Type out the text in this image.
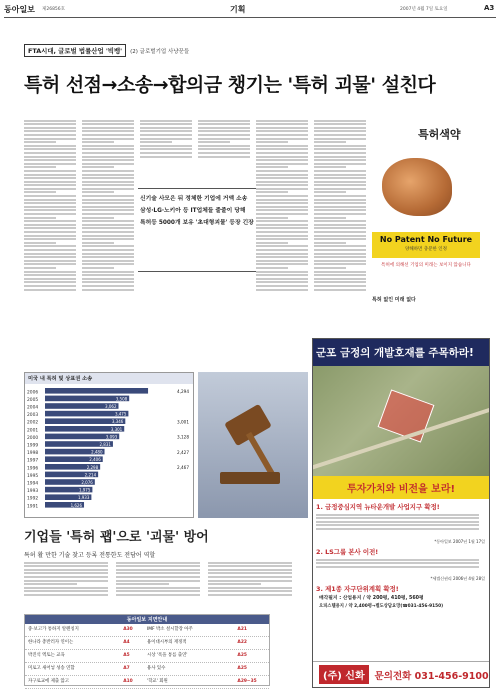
동아일보 제26856호	기획	2007년 4월 7일 토요일	A3
FTA시대, 글로벌 법률산업 '빅뱅'	(2) 글로벌기업 사냥꾼들
특허 선점→소송→합의금 챙기는 '특허 괴물' 설친다
신기술 사모은 뒤 정체한 기업에 거액 소송
삼성·LG·노키아 등 IT업체들 줄줄이 당해
특허등 5000개 보유 '초대형괴물' 등장 긴장
특허색약
No Patent No Future
양해하면 충분한 인정
특허에 의해선 기업의 미래는 보이지 않습니다
특허 없인 미래 없다
미국 내 특허 및 상표권 소송
2006	4,294
2005	3,508
2004	3,062
2003	3,475
2002	3,346	3,001
2001	3,301
2000	3,093	3,128
1999	2,831
1998	2,480	2,427
1997	2,406
1996	2,298	2,467
1995	2,214
1994	2,076
1993	1,975
1992	1,933
1991	1,626
기업들 '특허 괩'으로 '괴물' 방어
특허 활 만한 기술 찾고 등록 전통한도 전담어 역할
동아일보 지면안내
중·보고가 통하지 알렌칭지	A30	IMF 박소 설시할장 아주	A21
한나라 총반러자 연이는	A4	용이대시부의 재정적	A22
박진석 엑토는 교육	A5	시상 '폭을 통를 출연'	A25
미로고 새어넣 성송 연합	A7	용사 있수	A25
자구로교에 제출 않고	A10	'학교' 회원	A29~35
군포 금정의 개발호재를 주목하라!
투자가치와 비전을 보라!
1. 금정중심지역 뉴타운개발 사업지구 확정!
*동아일보 2007년 1월 17일
2. LS그룹 본사 이전!
*세법신권리 2006년 4월 28일
3. 제1종 자구단위계획 확정!
매각필지 : 산업용지 / 약 200평, 410평, 560평
오피스텔용지 / 약 2,400평→별도상담요망(☎031-456-9150)
(주) 신화	문의전화 031-456-9100
